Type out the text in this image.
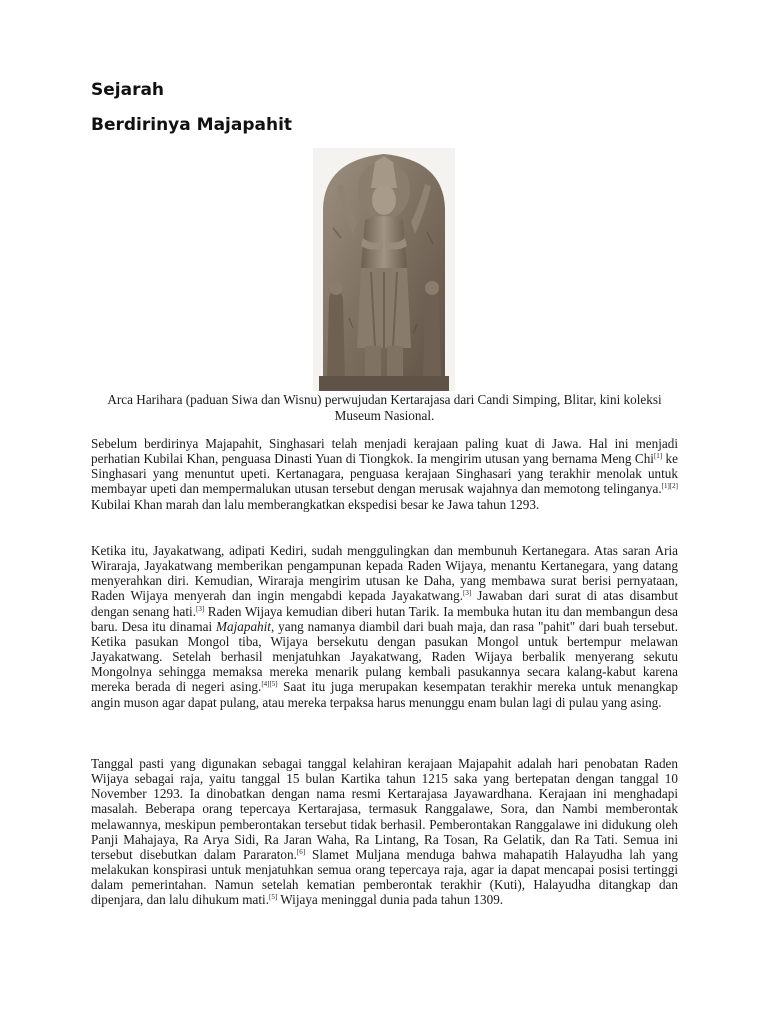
Sejarah
Berdirinya Majapahit

Arca Harihara (paduan Siwa dan Wisnu) perwujudan Kertarajasa dari Candi Simping, Blitar, kini koleksi Museum Nasional.

Sebelum berdirinya Majapahit, Singhasari telah menjadi kerajaan paling kuat di Jawa. Hal ini menjadi perhatian Kubilai Khan, penguasa Dinasti Yuan di Tiongkok. Ia mengirim utusan yang bernama Meng Chi[1] ke Singhasari yang menuntut upeti. Kertanagara, penguasa kerajaan Singhasari yang terakhir menolak untuk membayar upeti dan mempermalukan utusan tersebut dengan merusak wajahnya dan memotong telinganya.[1][2] Kubilai Khan marah dan lalu memberangkatkan ekspedisi besar ke Jawa tahun 1293.

Ketika itu, Jayakatwang, adipati Kediri, sudah menggulingkan dan membunuh Kertanegara. Atas saran Aria Wiraraja, Jayakatwang memberikan pengampunan kepada Raden Wijaya, menantu Kertanegara, yang datang menyerahkan diri. Kemudian, Wiraraja mengirim utusan ke Daha, yang membawa surat berisi pernyataan, Raden Wijaya menyerah dan ingin mengabdi kepada Jayakatwang.[3] Jawaban dari surat di atas disambut dengan senang hati.[3] Raden Wijaya kemudian diberi hutan Tarik. Ia membuka hutan itu dan membangun desa baru. Desa itu dinamai Majapahit, yang namanya diambil dari buah maja, dan rasa "pahit" dari buah tersebut. Ketika pasukan Mongol tiba, Wijaya bersekutu dengan pasukan Mongol untuk bertempur melawan Jayakatwang. Setelah berhasil menjatuhkan Jayakatwang, Raden Wijaya berbalik menyerang sekutu Mongolnya sehingga memaksa mereka menarik pulang kembali pasukannya secara kalang-kabut karena mereka berada di negeri asing.[4][5] Saat itu juga merupakan kesempatan terakhir mereka untuk menangkap angin muson agar dapat pulang, atau mereka terpaksa harus menunggu enam bulan lagi di pulau yang asing.

Tanggal pasti yang digunakan sebagai tanggal kelahiran kerajaan Majapahit adalah hari penobatan Raden Wijaya sebagai raja, yaitu tanggal 15 bulan Kartika tahun 1215 saka yang bertepatan dengan tanggal 10 November 1293. Ia dinobatkan dengan nama resmi Kertarajasa Jayawardhana. Kerajaan ini menghadapi masalah. Beberapa orang tepercaya Kertarajasa, termasuk Ranggalawe, Sora, dan Nambi memberontak melawannya, meskipun pemberontakan tersebut tidak berhasil. Pemberontakan Ranggalawe ini didukung oleh Panji Mahajaya, Ra Arya Sidi, Ra Jaran Waha, Ra Lintang, Ra Tosan, Ra Gelatik, dan Ra Tati. Semua ini tersebut disebutkan dalam Pararaton.[6] Slamet Muljana menduga bahwa mahapatih Halayudha lah yang melakukan konspirasi untuk menjatuhkan semua orang tepercaya raja, agar ia dapat mencapai posisi tertinggi dalam pemerintahan. Namun setelah kematian pemberontak terakhir (Kuti), Halayudha ditangkap dan dipenjara, dan lalu dihukum mati.[5] Wijaya meninggal dunia pada tahun 1309.
